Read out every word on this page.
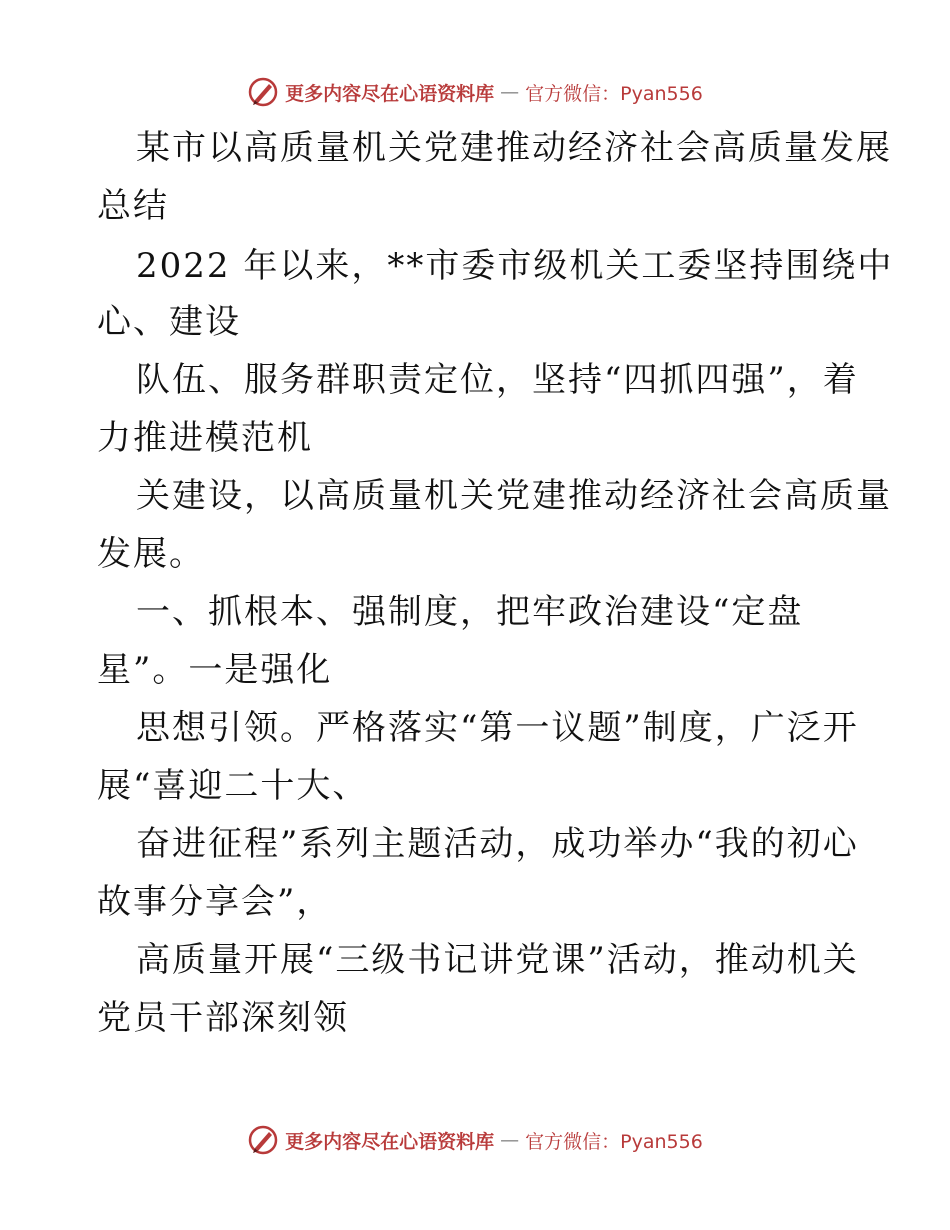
更多内容尽在心语资料库 — 官方微信：Pyan556
某市以高质量机关党建推动经济社会高质量发展
总结
2022 年以来，**市委市级机关工委坚持围绕中
心、建设
队伍、服务群职责定位，坚持“四抓四强”，着
力推进模范机
关建设，以高质量机关党建推动经济社会高质量
发展。
一、抓根本、强制度，把牢政治建设“定盘
星”。一是强化
思想引领。严格落实“第一议题”制度，广泛开
展“喜迎二十大、
奋进征程”系列主题活动，成功举办“我的初心
故事分享会”，
高质量开展“三级书记讲党课”活动，推动机关
党员干部深刻领
更多内容尽在心语资料库 — 官方微信：Pyan556
